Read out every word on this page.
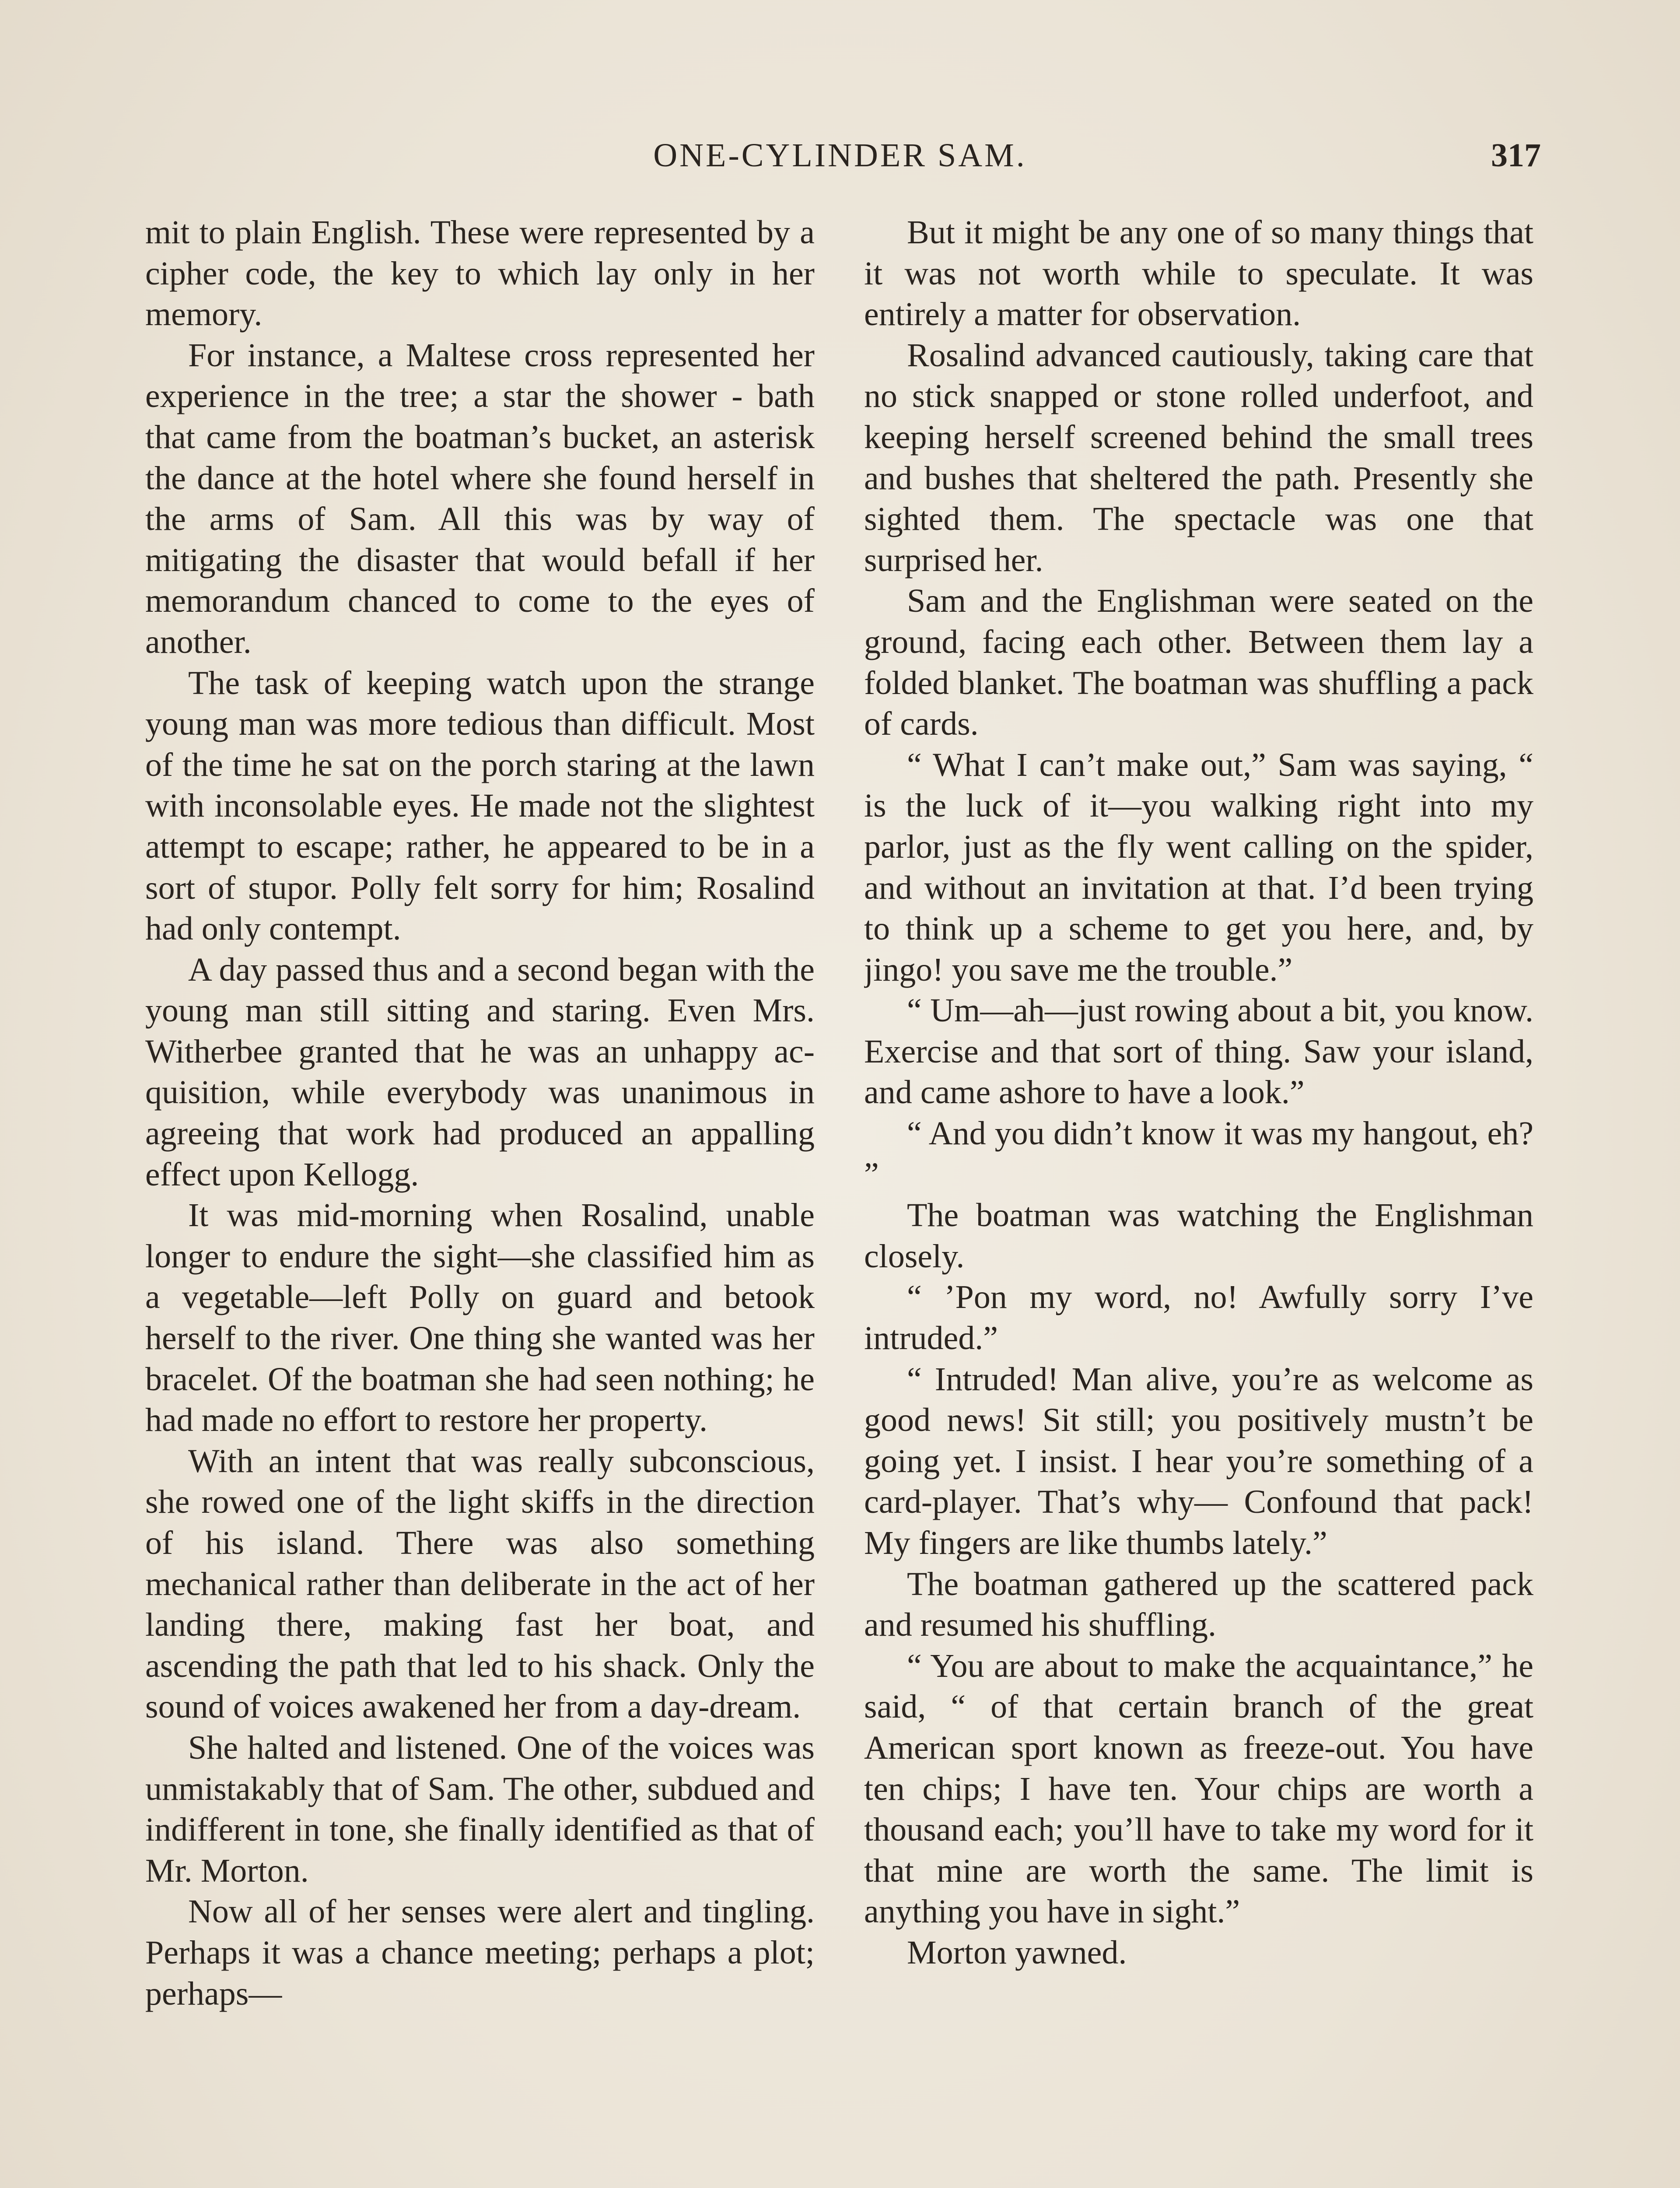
ONE-CYLINDER SAM.	317

mit to plain English. These were represented by a cipher code, the key to which lay only in her memory.

For instance, a Maltese cross represented her experience in the tree; a star the shower - bath that came from the boatman’s bucket, an asterisk the dance at the hotel where she found herself in the arms of Sam. All this was by way of mitigating the disaster that would befall if her memorandum chanced to come to the eyes of another.

The task of keeping watch upon the strange young man was more tedious than difficult. Most of the time he sat on the porch staring at the lawn with inconsolable eyes. He made not the slightest attempt to escape; rather, he appeared to be in a sort of stupor. Polly felt sorry for him; Rosalind had only contempt.

A day passed thus and a second began with the young man still sitting and staring. Even Mrs. Witherbee granted that he was an unhappy acquisition, while everybody was unanimous in agreeing that work had produced an appalling effect upon Kellogg.

It was mid-morning when Rosalind, unable longer to endure the sight—she classified him as a vegetable—left Polly on guard and betook herself to the river. One thing she wanted was her bracelet. Of the boatman she had seen nothing; he had made no effort to restore her property.

With an intent that was really subconscious, she rowed one of the light skiffs in the direction of his island. There was also something mechanical rather than deliberate in the act of her landing there, making fast her boat, and ascending the path that led to his shack. Only the sound of voices awakened her from a day-dream.

She halted and listened. One of the voices was unmistakably that of Sam. The other, subdued and indifferent in tone, she finally identified as that of Mr. Morton.

Now all of her senses were alert and tingling. Perhaps it was a chance meeting; perhaps a plot; perhaps—

But it might be any one of so many things that it was not worth while to speculate. It was entirely a matter for observation.

Rosalind advanced cautiously, taking care that no stick snapped or stone rolled underfoot, and keeping herself screened behind the small trees and bushes that sheltered the path. Presently she sighted them. The spectacle was one that surprised her.

Sam and the Englishman were seated on the ground, facing each other. Between them lay a folded blanket. The boatman was shuffling a pack of cards.

“ What I can’t make out,” Sam was saying, “ is the luck of it—you walking right into my parlor, just as the fly went calling on the spider, and without an invitation at that. I’d been trying to think up a scheme to get you here, and, by jingo! you save me the trouble.”

“ Um—ah—just rowing about a bit, you know. Exercise and that sort of thing. Saw your island, and came ashore to have a look.”

“ And you didn’t know it was my hangout, eh? ”

The boatman was watching the Englishman closely.

“ ’Pon my word, no! Awfully sorry I’ve intruded.”

“ Intruded! Man alive, you’re as welcome as good news! Sit still; you positively mustn’t be going yet. I insist. I hear you’re something of a card-player. That’s why— Confound that pack! My fingers are like thumbs lately.”

The boatman gathered up the scattered pack and resumed his shuffling.

“ You are about to make the acquaintance,” he said, “ of that certain branch of the great American sport known as freeze-out. You have ten chips; I have ten. Your chips are worth a thousand each; you’ll have to take my word for it that mine are worth the same. The limit is anything you have in sight.”

Morton yawned.
